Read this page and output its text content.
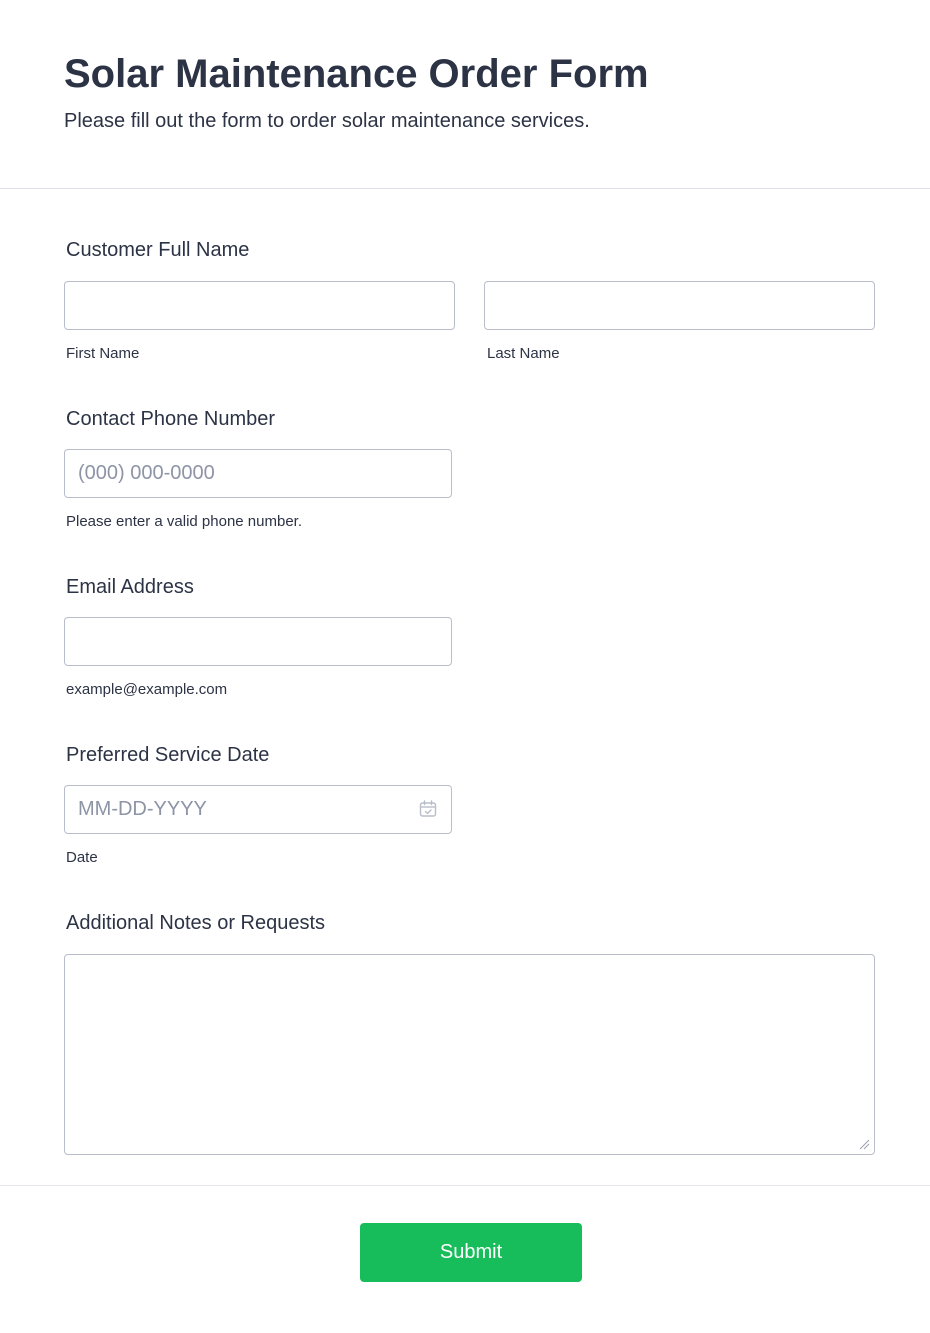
Solar Maintenance Order Form

Please fill out the form to order solar maintenance services.

Customer Full Name
First Name	Last Name
Contact Phone Number
(000) 000-0000
Please enter a valid phone number.
Email Address
example@example.com
Preferred Service Date
MM-DD-YYYY
Date
Additional Notes or Requests
Submit
